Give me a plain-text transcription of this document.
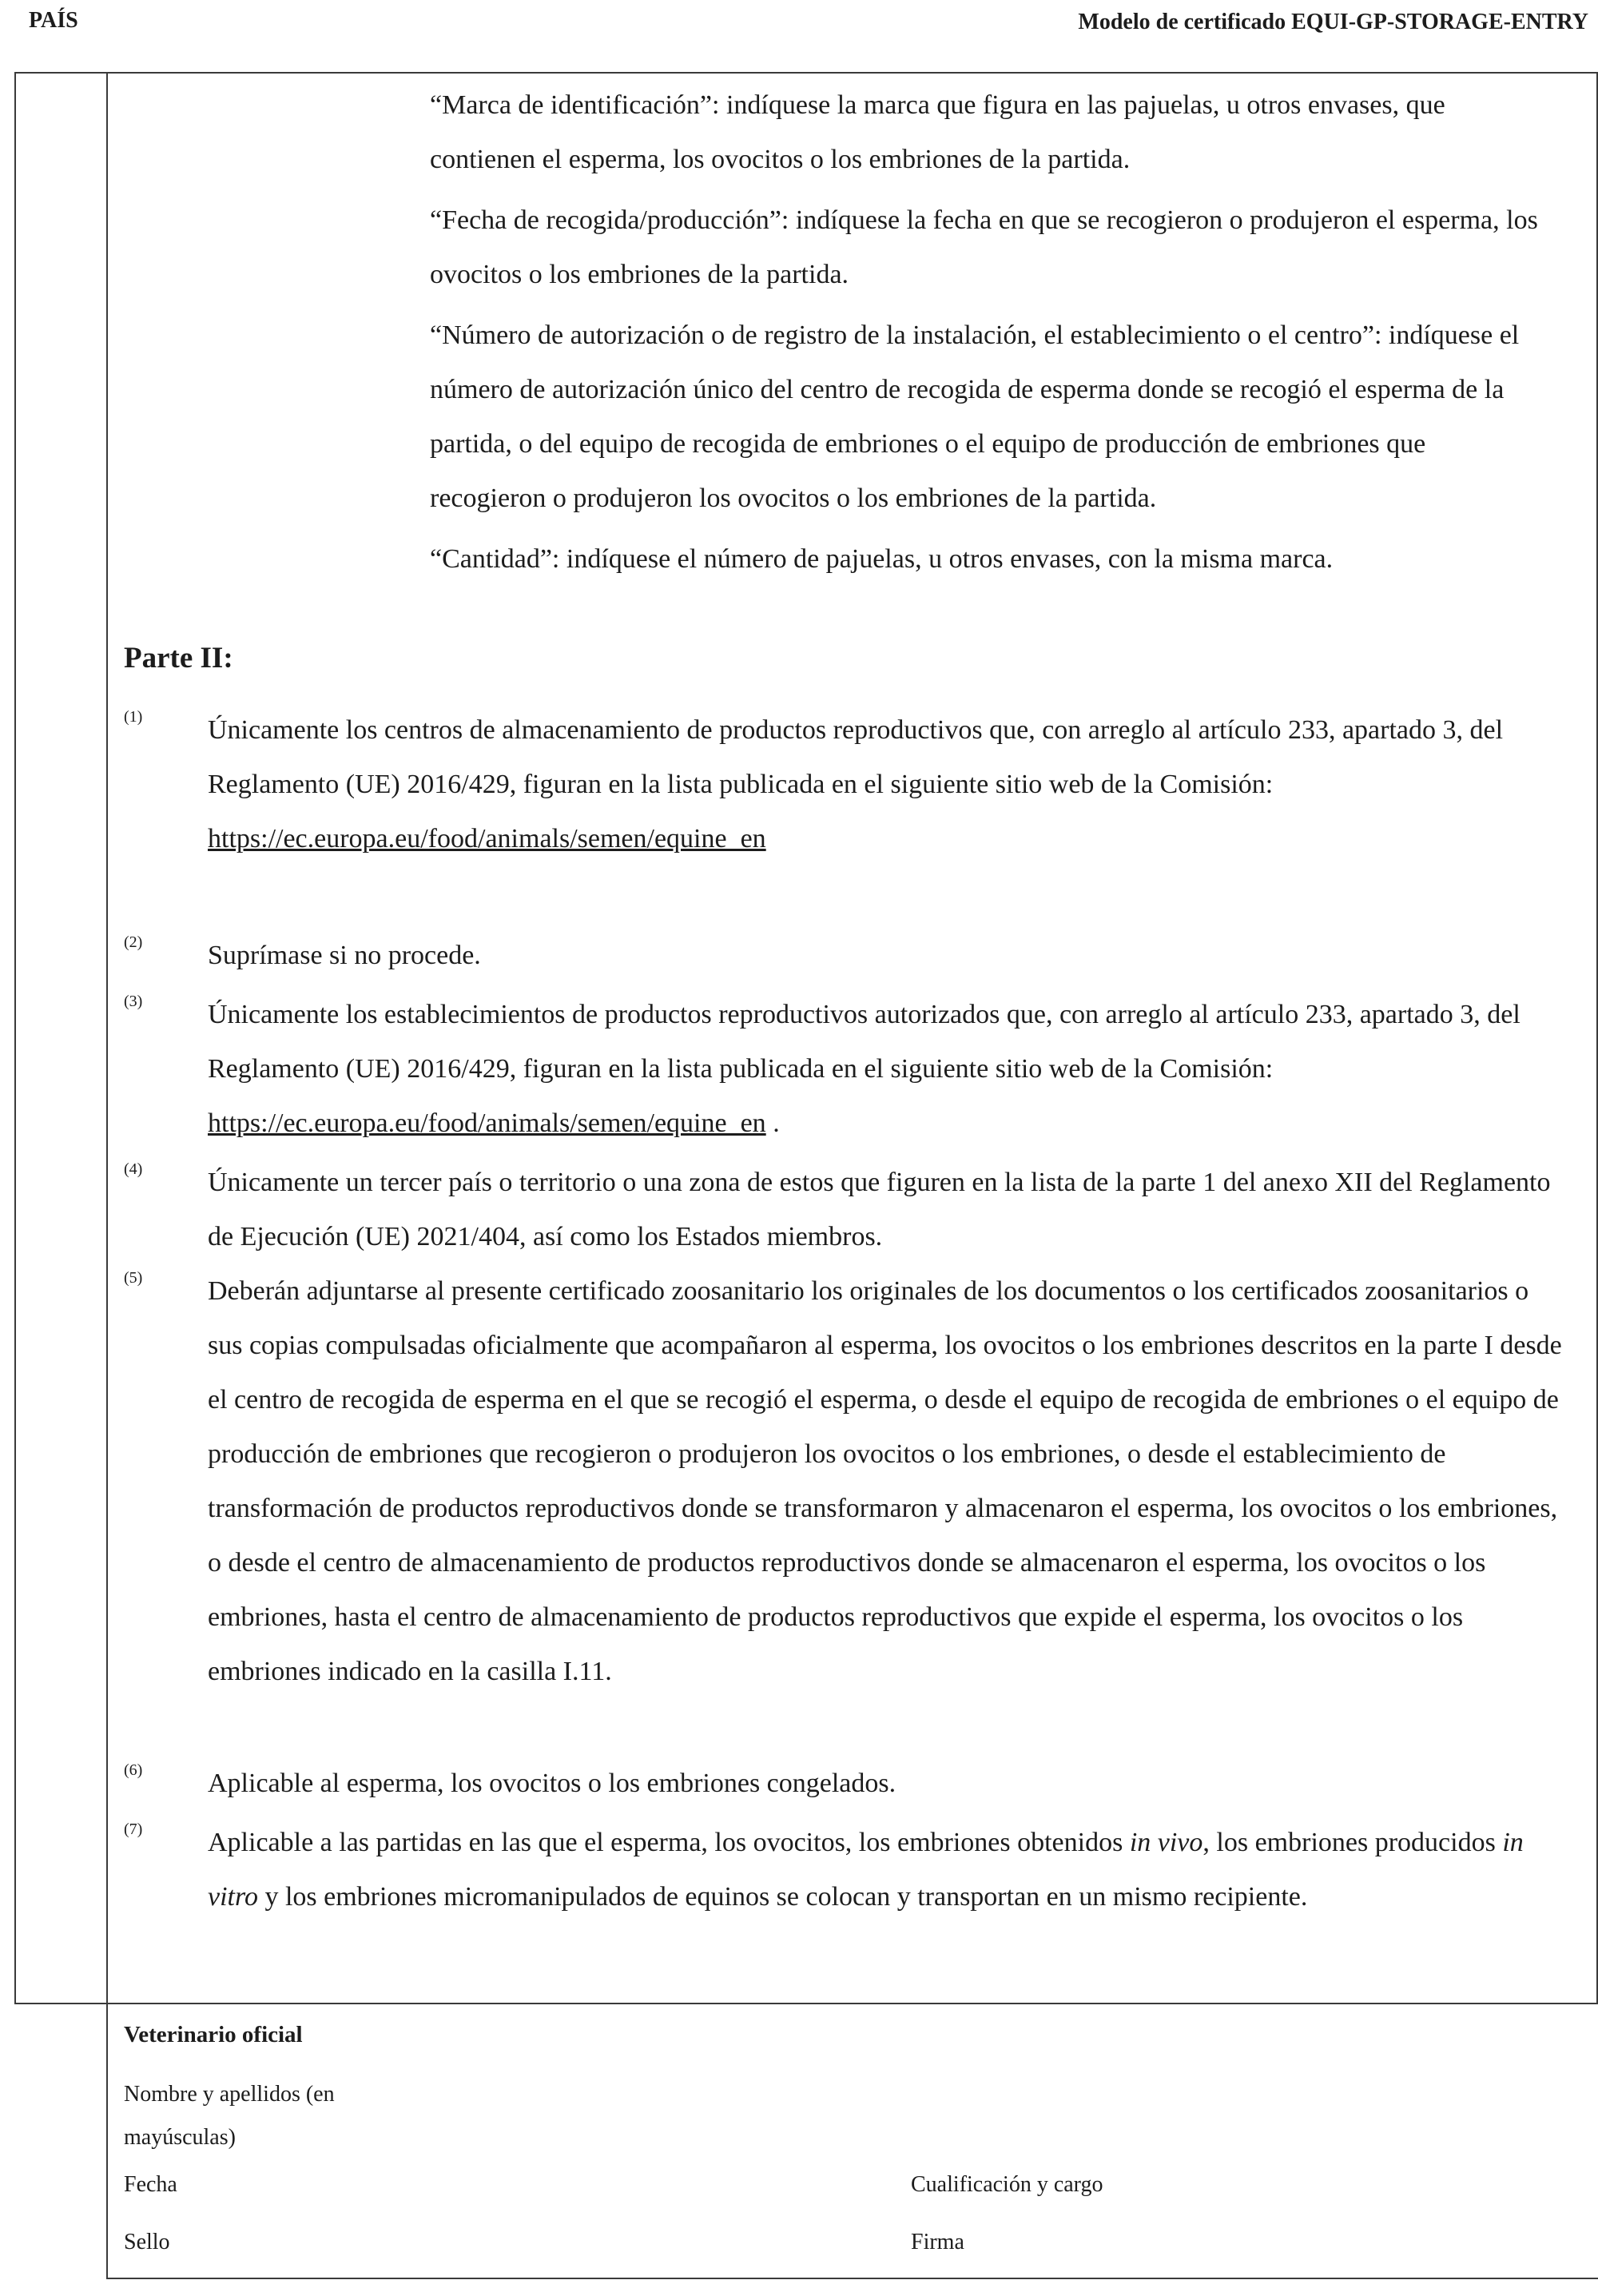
PAÍS	Modelo de certificado EQUI-GP-STORAGE-ENTRY

“Marca de identificación”: indíquese la marca que figura en las pajuelas, u otros envases, que contienen el esperma, los ovocitos o los embriones de la partida.

“Fecha de recogida/producción”: indíquese la fecha en que se recogieron o produjeron el esperma, los ovocitos o los embriones de la partida.

“Número de autorización o de registro de la instalación, el establecimiento o el centro”: indíquese el número de autorización único del centro de recogida de esperma donde se recogió el esperma de la partida, o del equipo de recogida de embriones o el equipo de producción de embriones que recogieron o produjeron los ovocitos o los embriones de la partida.

“Cantidad”: indíquese el número de pajuelas, u otros envases, con la misma marca.

Parte II:
(1) Únicamente los centros de almacenamiento de productos reproductivos que, con arreglo al artículo 233, apartado 3, del Reglamento (UE) 2016/429, figuran en la lista publicada en el siguiente sitio web de la Comisión:
https://ec.europa.eu/food/animals/semen/equine_en
(2) Suprímase si no procede.
(3) Únicamente los establecimientos de productos reproductivos autorizados que, con arreglo al artículo 233, apartado 3, del Reglamento (UE) 2016/429, figuran en la lista publicada en el siguiente sitio web de la Comisión: https://ec.europa.eu/food/animals/semen/equine_en .
(4) Únicamente un tercer país o territorio o una zona de estos que figuren en la lista de la parte 1 del anexo XII del Reglamento de Ejecución (UE) 2021/404, así como los Estados miembros.
(5) Deberán adjuntarse al presente certificado zoosanitario los originales de los documentos o los certificados zoosanitarios o sus copias compulsadas oficialmente que acompañaron al esperma, los ovocitos o los embriones descritos en la parte I desde el centro de recogida de esperma en el que se recogió el esperma, o desde el equipo de recogida de embriones o el equipo de producción de embriones que recogieron o produjeron los ovocitos o los embriones, o desde el establecimiento de transformación de productos reproductivos donde se transformaron y almacenaron el esperma, los ovocitos o los embriones, o desde el centro de almacenamiento de productos reproductivos donde se almacenaron el esperma, los ovocitos o los embriones, hasta el centro de almacenamiento de productos reproductivos que expide el esperma, los ovocitos o los embriones indicado en la casilla I.11.
(6) Aplicable al esperma, los ovocitos o los embriones congelados.
(7) Aplicable a las partidas en las que el esperma, los ovocitos, los embriones obtenidos in vivo, los embriones producidos in vitro y los embriones micromanipulados de equinos se colocan y transportan en un mismo recipiente.
Veterinario oficial
Nombre y apellidos (en mayúsculas)
Fecha
Sello
Cualificación y cargo
Firma
